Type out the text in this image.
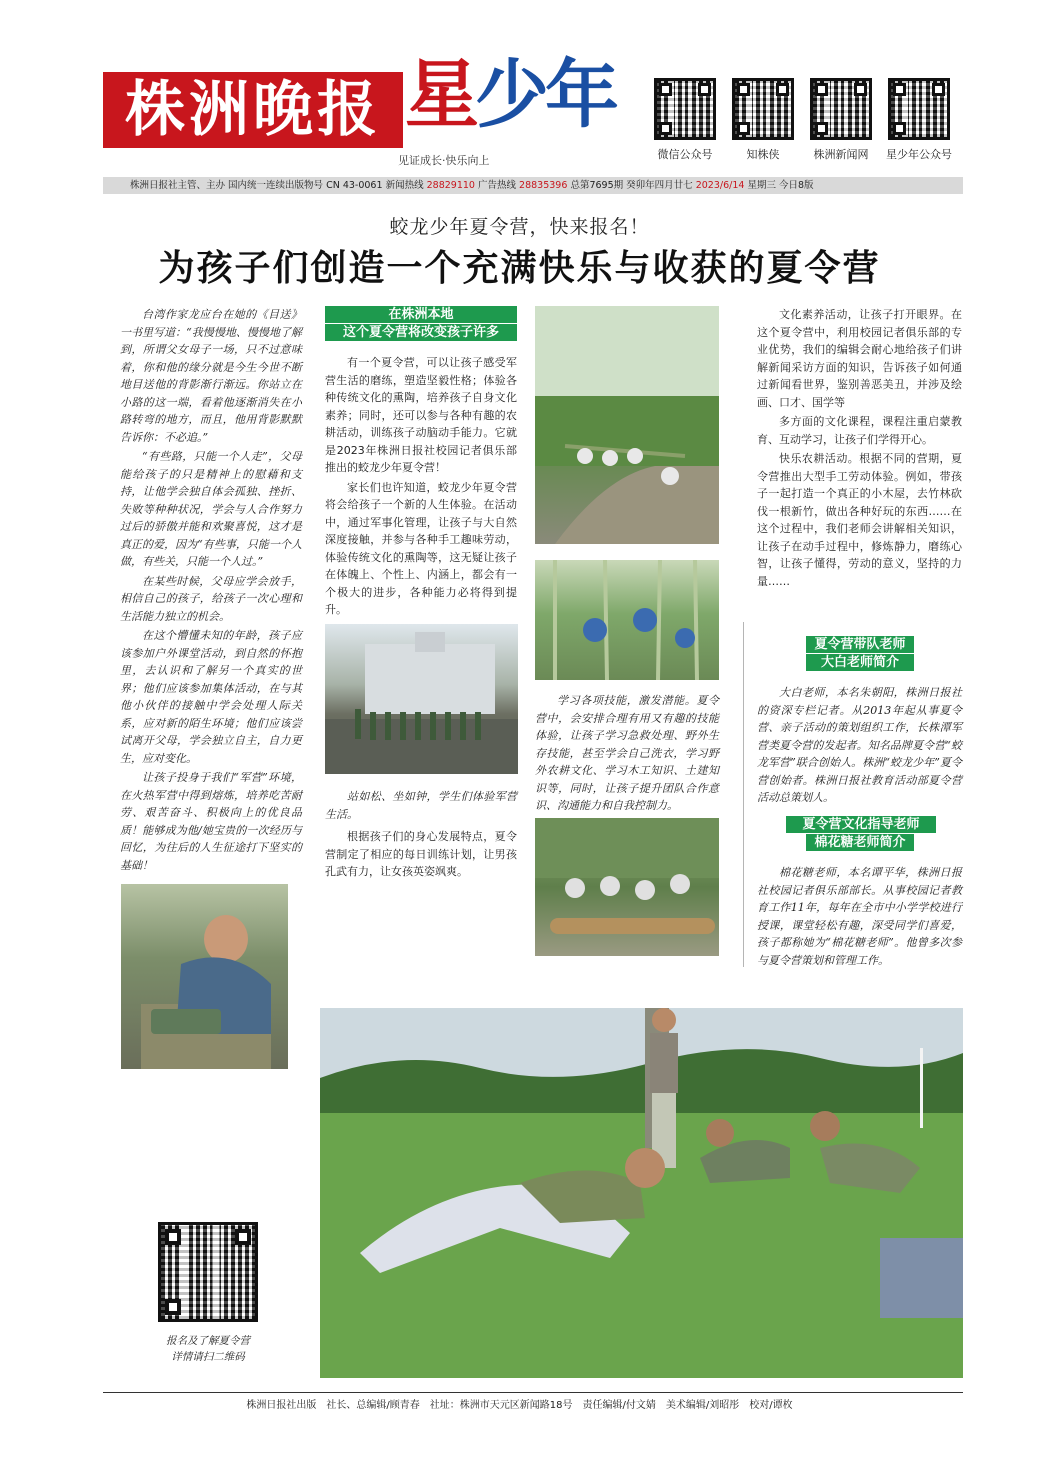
株洲晚报 星少年
见证成长·快乐向上	微信公众号	知株侠	株洲新闻网	星少年公众号
株洲日报社主管、主办 国内统一连续出版物号 CN 43-0061 新闻热线 28829110 广告热线 28835396 总第7695期 癸卯年四月廿七 2023/6/14 星期三 今日8版
蛟龙少年夏令营，快来报名！
为孩子们创造一个充满快乐与收获的夏令营

台湾作家龙应台在她的《目送》一书里写道：“我慢慢地、慢慢地了解到，所谓父女母子一场，只不过意味着，你和他的缘分就是今生今世不断地目送他的背影渐行渐远。你站立在小路的这一端，看着他逐渐消失在小路转弯的地方，而且，他用背影默默告诉你：不必追。”

“有些路，只能一个人走”，父母能给孩子的只是精神上的慰藉和支持，让他学会独自体会孤独、挫折、失败等种种状况，学会与人合作努力过后的骄傲并能和欢聚喜悦，这才是真正的爱，因为“有些事，只能一个人做，有些关，只能一个人过。”

在某些时候，父母应学会放手，相信自己的孩子，给孩子一次心理和生活能力独立的机会。

在这个懵懂未知的年龄，孩子应该参加户外课堂活动，到自然的怀抱里，去认识和了解另一个真实的世界；他们应该参加集体活动，在与其他小伙伴的接触中学会处理人际关系，应对新的陌生环境；他们应该尝试离开父母，学会独立自主，自力更生，应对变化。

让孩子投身于我们“军营”环境，在火热军营中得到熔炼，培养吃苦耐劳、艰苦奋斗、积极向上的优良品质！能够成为他/她宝贵的一次经历与回忆，为往后的人生征途打下坚实的基础！

报名及了解夏令营
详情请扫二维码
在株洲本地
这个夏令营将改变孩子许多

有一个夏令营，可以让孩子感受军营生活的磨练，塑造坚毅性格；体验各种传统文化的熏陶，培养孩子自身文化素养；同时，还可以参与各种有趣的农耕活动，训练孩子动脑动手能力。它就是2023年株洲日报社校园记者俱乐部推出的蛟龙少年夏令营！

家长们也许知道，蛟龙少年夏令营将会给孩子一个新的人生体验。在活动中，通过军事化管理，让孩子与大自然深度接触，并参与各种手工趣味劳动，体验传统文化的熏陶等，这无疑让孩子在体魄上、个性上、内涵上，都会有一个极大的进步，各种能力必将得到提升。

站如松、坐如钟，学生们体验军营生活。

根据孩子们的身心发展特点，夏令营制定了相应的每日训练计划，让男孩孔武有力，让女孩英姿飒爽。

学习各项技能，激发潜能。夏令营中，会安排合理有用又有趣的技能体验，让孩子学习急救处理、野外生存技能，甚至学会自己洗衣，学习野外农耕文化、学习木工知识、土建知识等，同时，让孩子提升团队合作意识、沟通能力和自我控制力。

文化素养活动，让孩子打开眼界。在这个夏令营中，利用校园记者俱乐部的专业优势，我们的编辑会耐心地给孩子们讲解新闻采访方面的知识，告诉孩子如何通过新闻看世界，鉴别善恶美丑，并涉及绘画、口才、国学等

多方面的文化课程，课程注重启蒙教育、互动学习，让孩子们学得开心。

快乐农耕活动。根据不同的营期，夏令营推出大型手工劳动体验。例如，带孩子一起打造一个真正的小木屋，去竹林砍伐一根新竹，做出各种好玩的东西……在这个过程中，我们老师会讲解相关知识，让孩子在动手过程中，修炼静力，磨练心智，让孩子懂得，劳动的意义，坚持的力量……

夏令营带队老师
大白老师简介

大白老师，本名朱朝阳，株洲日报社的资深专栏记者。从2013年起从事夏令营、亲子活动的策划组织工作，长株潭军营类夏令营的发起者。知名品牌夏令营“蛟龙军营”联合创始人。株洲“蛟龙少年”夏令营创始者。株洲日报社教育活动部夏令营活动总策划人。

夏令营文化指导老师
棉花糖老师简介

棉花糖老师，本名谭平华，株洲日报社校园记者俱乐部部长。从事校园记者教育工作11年，每年在全市中小学学校进行授课，课堂轻松有趣，深受同学们喜爱，孩子都称她为“棉花糖老师”。他曾多次参与夏令营策划和管理工作。

株洲日报社出版　社长、总编辑/顾青春　社址：株洲市天元区新闻路18号　责任编辑/付文婧　美术编辑/刘昭彤　校对/谭枚
